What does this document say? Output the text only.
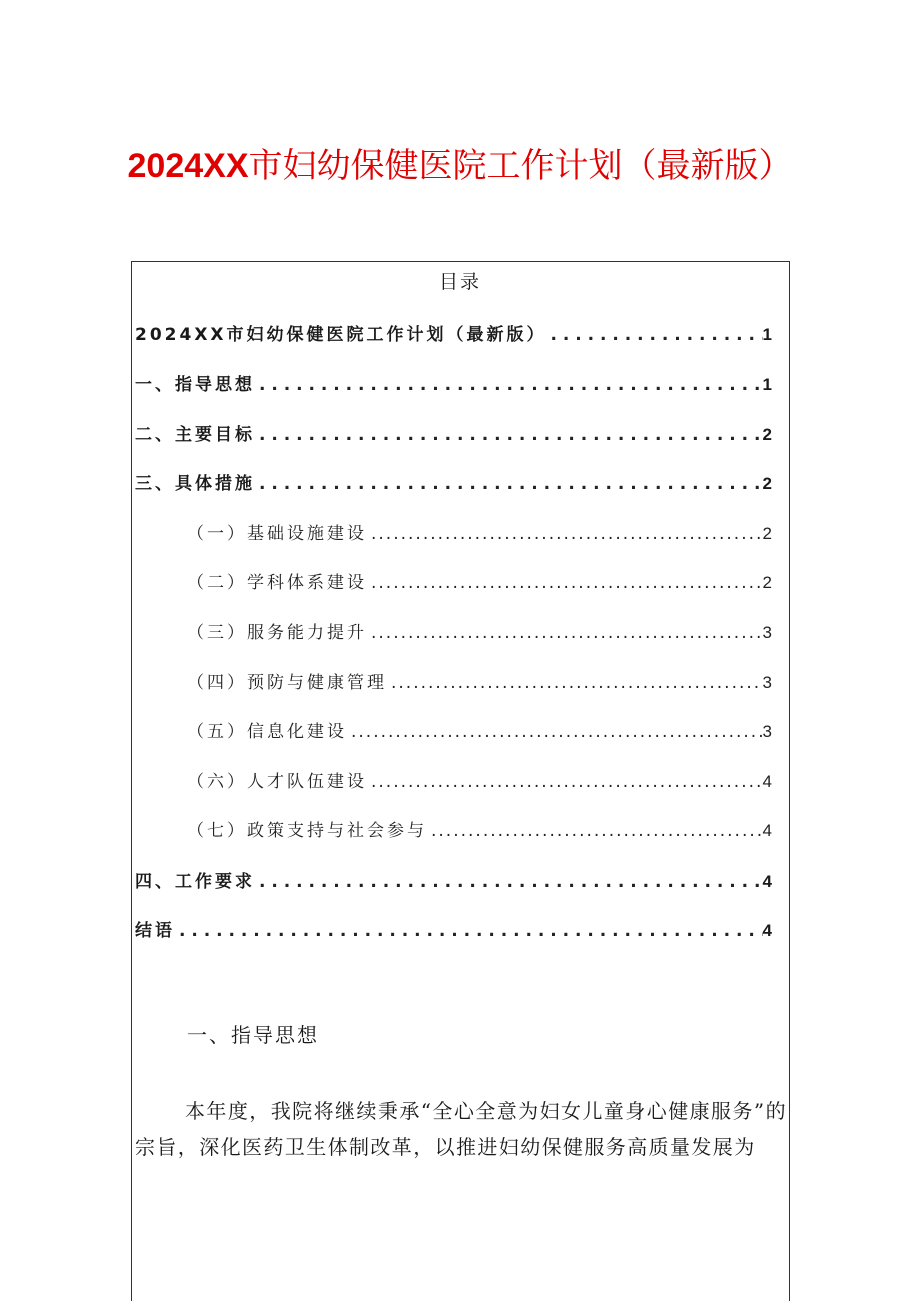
2024XX市妇幼保健医院工作计划（最新版）
目录
2024XX市妇幼保健医院工作计划（最新版） . . .	1
一、指导思想 . . .	1
二、主要目标 . . .	2
三、具体措施 . . .	2
（一）基础设施建设 .....	2
（二）学科体系建设 .....	2
（三）服务能力提升 .....	3
（四）预防与健康管理 .....	3
（五）信息化建设 .....	3
（六）人才队伍建设 .....	4
（七）政策支持与社会参与 .....	4
四、工作要求 . . .	4
结语 . . .	4
一、指导思想
本年度，我院将继续秉承“全心全意为妇女儿童身心健康服务”的宗旨，深化医药卫生体制改革，以推进妇幼保健服务高质量发展为
